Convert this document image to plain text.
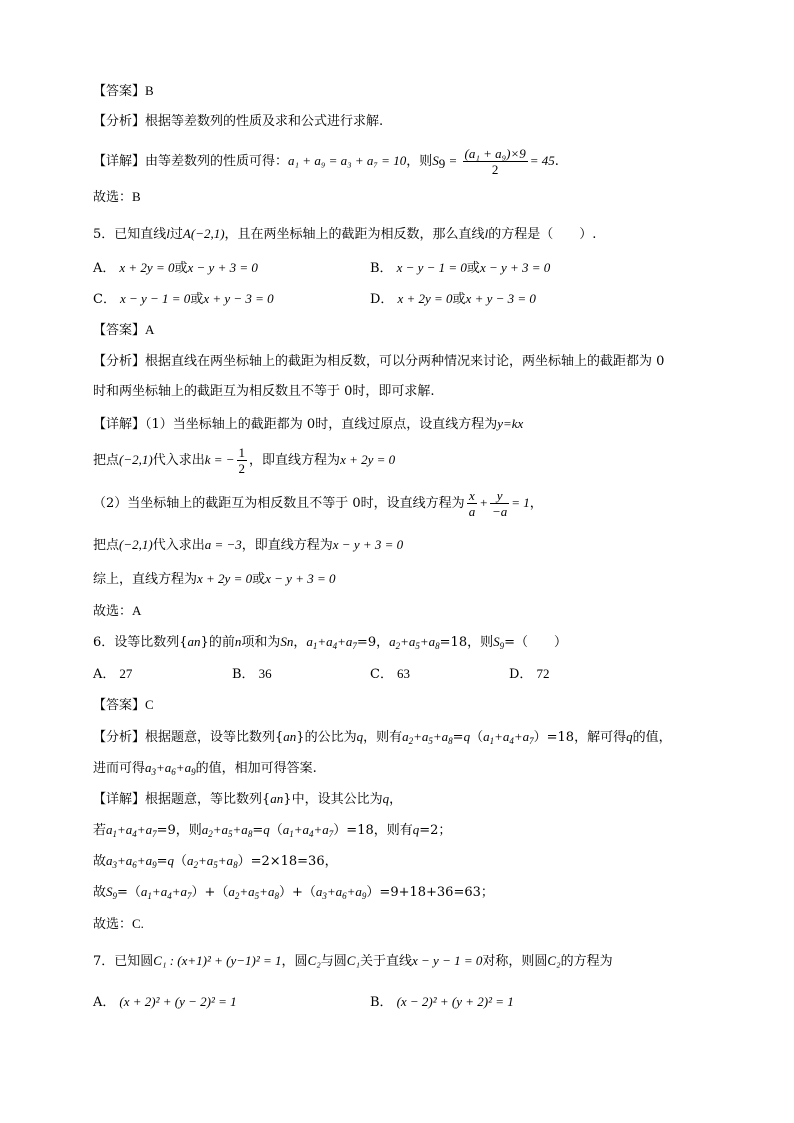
【答案】B
【分析】根据等差数列的性质及求和公式进行求解.
【详解】由等差数列的性质可得：a₁ + a₉ = a₃ + a₇ = 10，则$S_9 = \frac{\text{(a₁ + a₉)×9}}{2} = 45$.
故选：B
5．已知直线l过A(−2,1)，且在两坐标轴上的截距为相反数，那么直线l的方程是（　　）.
A． x + 2y = 0或x − y + 3 = 0	B． x − y − 1 = 0或x − y + 3 = 0
C． x − y − 1 = 0或x + y − 3 = 0	D． x + 2y = 0或x + y − 3 = 0
【答案】A
【分析】根据直线在两坐标轴上的截距为相反数，可以分两种情况来讨论，两坐标轴上的截距都为 0
时和两坐标轴上的截距互为相反数且不等于 0时，即可求解.
【详解】（1）当坐标轴上的截距都为 0时，直线过原点，设直线方程为y=kx
把点(−2,1)代入求出k = − $\frac{1}{2}$ ，即直线方程为x + 2y = 0
（2）当坐标轴上的截距互为相反数且不等于 0时，设直线方程为 $\frac{x}{a} + \frac{y}{-a} = 1$，
把点(−2,1)代入求出a = −3，即直线方程为x − y + 3 = 0
综上，直线方程为x + 2y = 0或x − y + 3 = 0
故选：A
6．设等比数列{an}的前n项和为Sn，$a_1+a_4+a_7=9$，$a_2+a_5+a_8=18$，则$S_9=$（　　）
A． 27	B． 36	C． 63	D． 72
【答案】C
【分析】根据题意，设等比数列{an}的公比为q，则有$a_2+a_5+a_8=q(a_1+a_4+a_7)=18$，解可得q的值，
进而可得$a_3+a_6+a_9$的值，相加可得答案.
【详解】根据题意，等比数列{an}中，设其公比为q，
若$a_1+a_4+a_7=9$，则$a_2+a_5+a_8=q(a_1+a_4+a_7)=18$，则有q=2；
故$a_3+a_6+a_9=q(a_2+a_5+a_8)=2\times 18=36$，
故$S_9=(a_1+a_4+a_7)+(a_2+a_5+a_8)+(a_3+a_6+a_9)=9+18+36=63$；
故选：C.
7．已知圆C₁ : (x+1)² + (y−1)² = 1，圆C₂与圆C₁关于直线x − y − 1 = 0对称，则圆C₂的方程为
A． (x + 2)² + (y − 2)² = 1	B． (x − 2)² + (y + 2)² = 1
